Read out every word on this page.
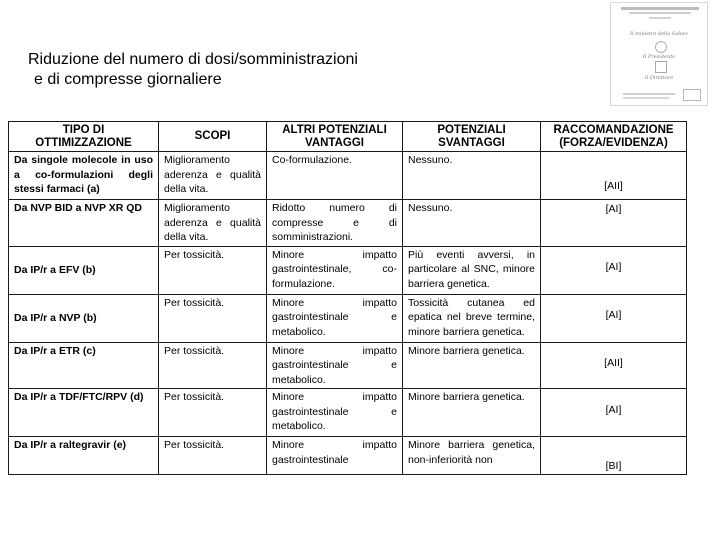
Riduzione del numero di dosi/somministrazioni
e di compresse giornaliere
Il ministro della Salute
Il Presidente
Il Direttore
TIPO DI OTTIMIZZAZIONE	SCOPI	ALTRI POTENZIALI VANTAGGI	POTENZIALI SVANTAGGI	RACCOMANDAZIONE (FORZA/EVIDENZA)
Da singole molecole in uso a co-formulazioni degli stessi farmaci (a)	Miglioramento aderenza e qualità della vita.	Co-formulazione.	Nessuno.	[AII]
Da NVP BID a NVP XR QD	Miglioramento aderenza e qualità della vita.	Ridotto numero di compresse e di somministrazioni.	Nessuno.	[AI]
Da IP/r a EFV (b)	Per tossicità.	Minore impatto gastrointestinale, co-formulazione.	Più eventi avversi, in particolare al SNC, minore barriera genetica.	[AI]
Da IP/r a NVP (b)	Per tossicità.	Minore impatto gastrointestinale e metabolico.	Tossicità cutanea ed epatica nel breve termine, minore barriera genetica.	[AI]
Da IP/r a ETR (c)	Per tossicità.	Minore impatto gastrointestinale e metabolico.	Minore barriera genetica.	[AII]
Da IP/r a TDF/FTC/RPV (d)	Per tossicità.	Minore impatto gastrointestinale e metabolico.	Minore barriera genetica.	[AI]
Da IP/r a raltegravir (e)	Per tossicità.	Minore impatto gastrointestinale	Minore barriera genetica, non-inferiorità non	[BI]
